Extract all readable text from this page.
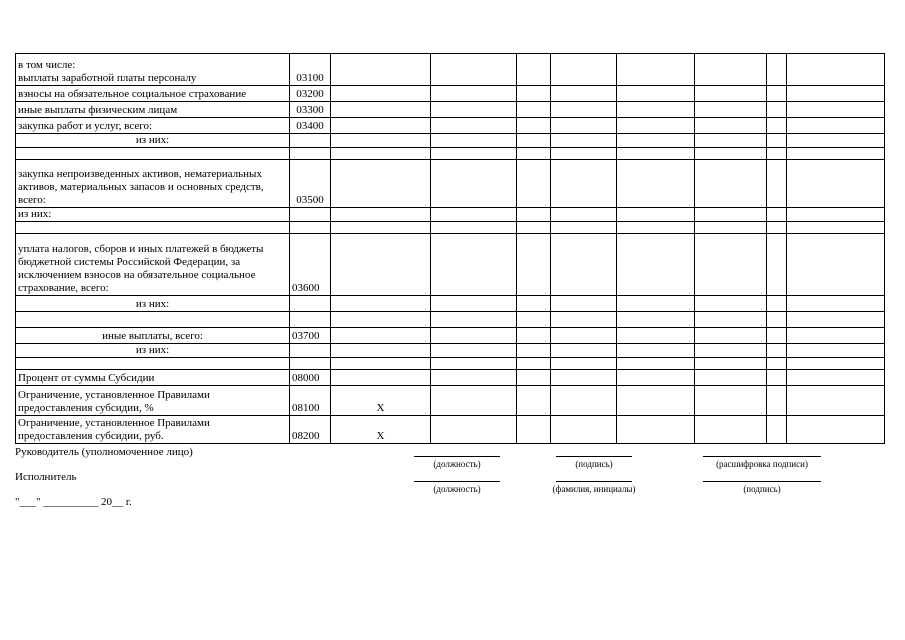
в том числе:
выплаты заработной платы персоналу	03100								
взносы на обязательное социальное страхование	03200								
иные выплаты физическим лицам	03300								
закупка работ и услуг, всего:	03400								
из них:									

закупка непроизведенных активов, нематериальных активов, материальных запасов и основных средств, всего:	03500								
из них:									

уплата налогов, сборов и иных платежей в бюджеты бюджетной системы Российской Федерации, за исключением взносов на обязательное социальное страхование, всего:	03600								
из них:									

иные выплаты, всего:	03700								
из них:									

Процент от суммы Субсидии	08000								
Ограничение, установленное Правилами предоставления субсидии, %	08100	X							
Ограничение, установленное Правилами предоставления субсидии, руб.	08200	X							
Руководитель (уполномоченное лицо)
(должность)	(подпись)	(расшифровка подписи)
Исполнитель
(должность)	(фамилия, инициалы)	(подпись)
"___" __________ 20__ г.
